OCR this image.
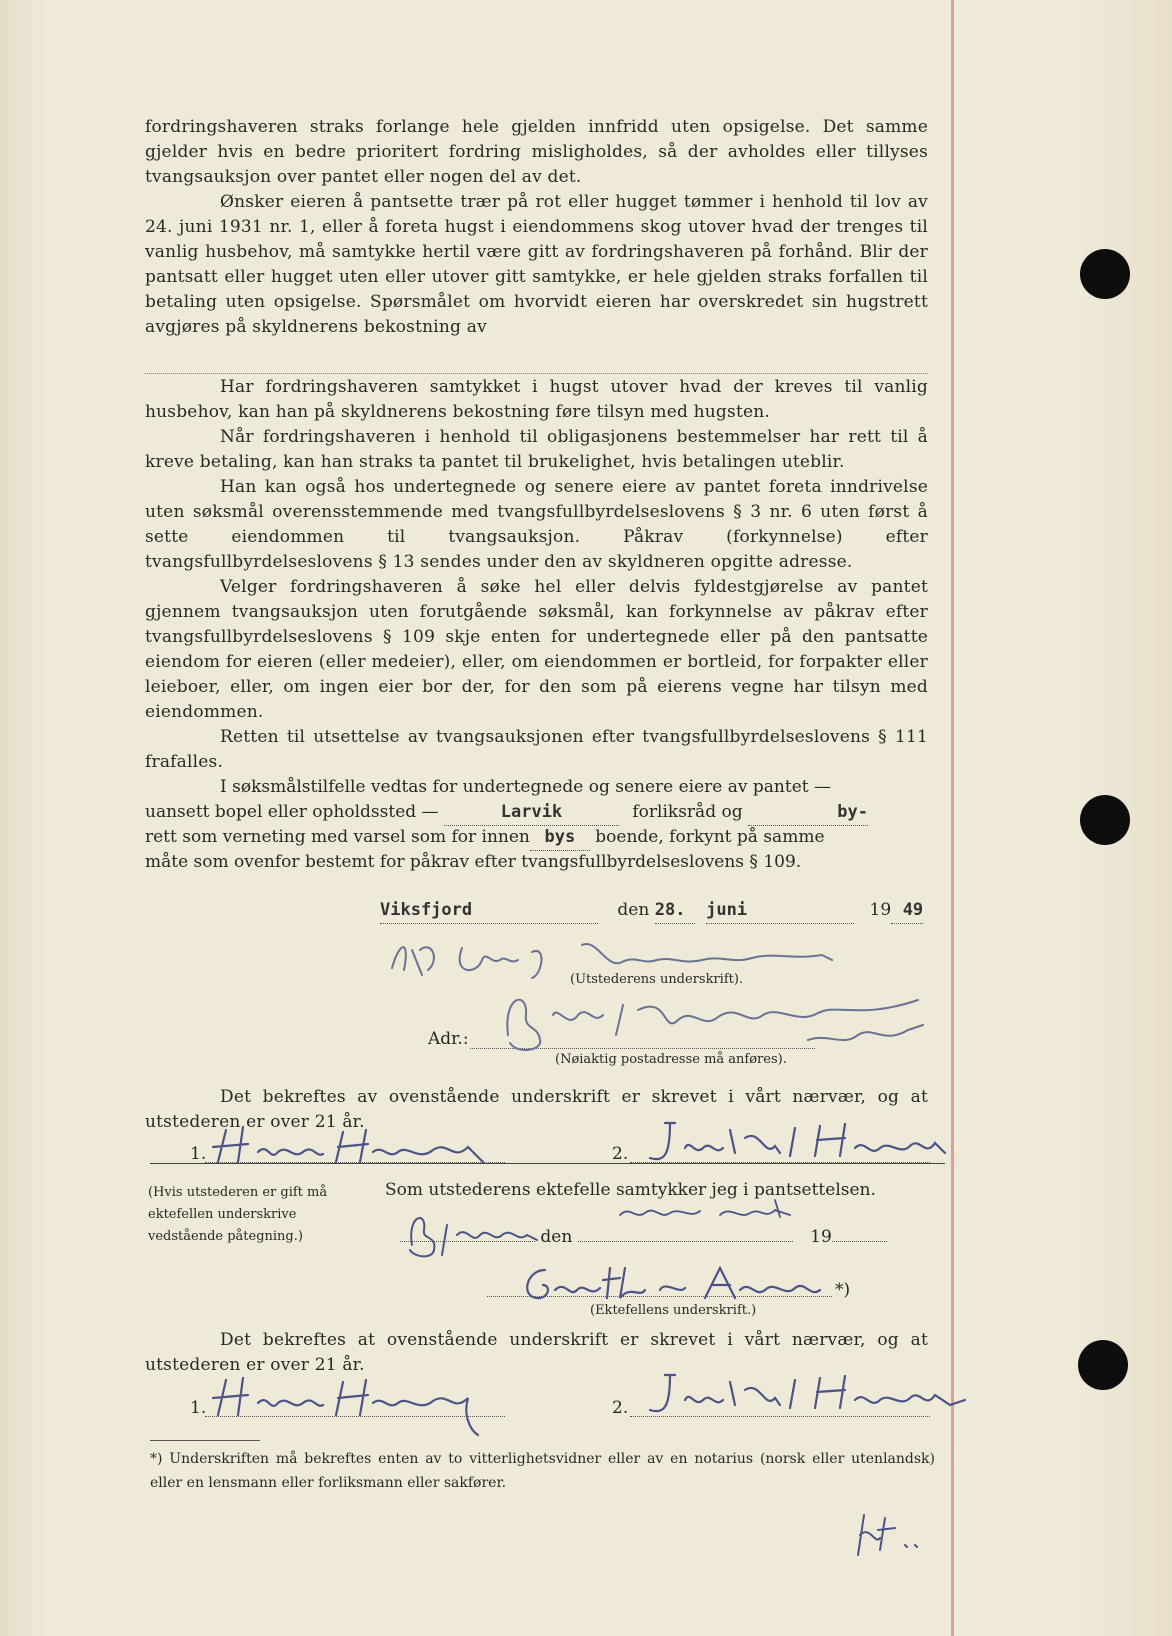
fordringshaveren straks forlange hele gjelden innfridd uten opsigelse. Det samme gjelder hvis en bedre prioritert fordring misligholdes, så der avholdes eller tillyses tvangsauksjon over pantet eller nogen del av det.

Ønsker eieren å pantsette trær på rot eller hugget tømmer i henhold til lov av 24. juni 1931 nr. 1, eller å foreta hugst i eiendommens skog utover hvad der trenges til vanlig husbehov, må samtykke hertil være gitt av fordringshaveren på forhånd. Blir der pantsatt eller hugget uten eller utover gitt samtykke, er hele gjelden straks forfallen til betaling uten opsigelse. Spørsmålet om hvorvidt eieren har overskredet sin hugstrett avgjøres på skyldnerens bekostning av

Har fordringshaveren samtykket i hugst utover hvad der kreves til vanlig husbehov, kan han på skyldnerens bekostning føre tilsyn med hugsten.

Når fordringshaveren i henhold til obligasjonens bestemmelser har rett til å kreve betaling, kan han straks ta pantet til brukelighet, hvis betalingen uteblir.

Han kan også hos undertegnede og senere eiere av pantet foreta inndrivelse uten søksmål overensstemmende med tvangsfullbyrdelseslovens § 3 nr. 6 uten først å sette eiendommen til tvangsauksjon. Påkrav (forkynnelse) efter tvangsfullbyrdelseslovens § 13 sendes under den av skyldneren opgitte adresse.

Velger fordringshaveren å søke hel eller delvis fyldestgjørelse av pantet gjennem tvangsauksjon uten forutgående søksmål, kan forkynnelse av påkrav efter tvangsfullbyrdelseslovens § 109 skje enten for undertegnede eller på den pantsatte eiendom for eieren (eller medeier), eller, om eiendommen er bortleid, for forpakter eller leieboer, eller, om ingen eier bor der, for den som på eierens vegne har tilsyn med eiendommen.

Retten til utsettelse av tvangsauksjonen efter tvangsfullbyrdelseslovens § 111 frafalles.

I søksmålstilfelle vedtas for undertegnede og senere eiere av pantet —
uansett bopel eller opholdssted —	Larvik	forliksråd og	by-
rett som verneting med varsel som for innen bys boende, forkynt på samme
måte som ovenfor bestemt for påkrav efter tvangsfullbyrdelseslovens § 109.
Viksfjord	den 28. juni	19 49
(Utstederens underskrift).
Adr.:
(Nøiaktig postadresse må anføres).

Det bekreftes av ovenstående underskrift er skrevet i vårt nærvær, og at utstederen er over 21 år.

1.	2.
(Hvis utstederen er gift må ektefellen underskrive vedstående påtegning.)
Som utstederens ektefelle samtykker jeg i pantsettelsen.
den	19
*)
(Ektefellens underskrift.)

Det bekreftes at ovenstående underskrift er skrevet i vårt nærvær, og at utstederen er over 21 år.

1.	2.

*) Underskriften må bekreftes enten av to vitterlighetsvidner eller av en notarius (norsk eller utenlandsk) eller en lensmann eller forliksmann eller sakfører.
